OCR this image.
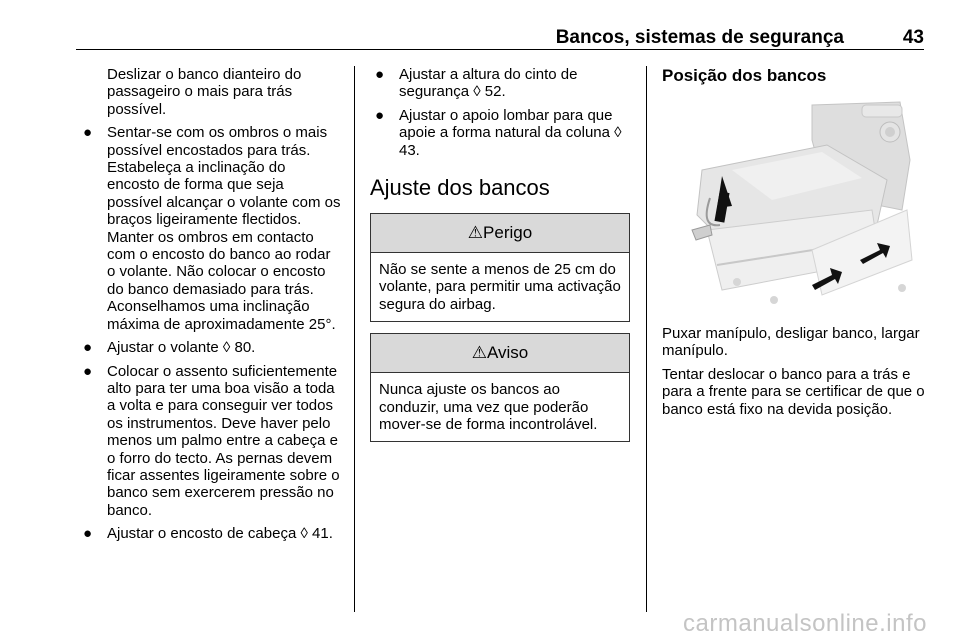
Bancos, sistemas de segurança	43

Deslizar o banco dianteiro do passageiro o mais para trás possível.

● Sentar-se com os ombros o mais possível encostados para trás. Estabeleça a inclinação do encosto de forma que seja possível alcançar o volante com os braços ligeiramente flectidos. Manter os ombros em contacto com o encosto do banco ao rodar o volante. Não colocar o encosto do banco demasiado para trás. Aconselhamos uma inclinação máxima de aproximadamente 25°.
● Ajustar o volante ◊ 80.
● Colocar o assento suficientemente alto para ter uma boa visão a toda a volta e para conseguir ver todos os instrumentos. Deve haver pelo menos um palmo entre a cabeça e o forro do tecto. As pernas devem ficar assentes ligeiramente sobre o banco sem exercerem pressão no banco.
● Ajustar o encosto de cabeça ◊ 41.
● Ajustar a altura do cinto de segurança ◊ 52.
● Ajustar o apoio lombar para que apoie a forma natural da coluna ◊ 43.
Ajuste dos bancos
⚠Perigo
Não se sente a menos de 25 cm do volante, para permitir uma activação segura do airbag.
⚠Aviso
Nunca ajuste os bancos ao conduzir, uma vez que poderão mover-se de forma incontrolável.
Posição dos bancos

Puxar manípulo, desligar banco, largar manípulo.

Tentar deslocar o banco para a trás e para a frente para se certificar de que o banco está fixo na devida posição.

carmanualsonline.info
